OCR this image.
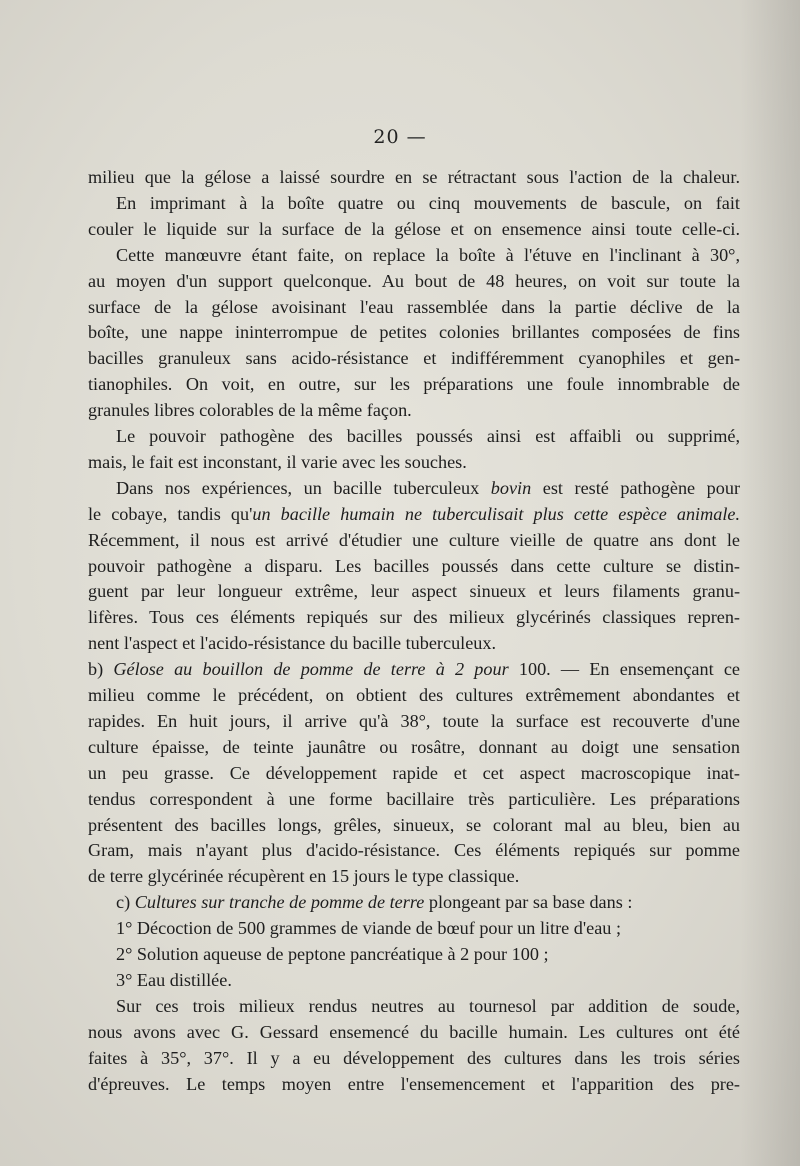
20 —
milieu que la gélose a laissé sourdre en se rétractant sous l'action de la chaleur.
En imprimant à la boîte quatre ou cinq mouvements de bascule, on fait
couler le liquide sur la surface de la gélose et on ensemence ainsi toute celle-ci.
Cette manœuvre étant faite, on replace la boîte à l'étuve en l'inclinant à 30°,
au moyen d'un support quelconque. Au bout de 48 heures, on voit sur toute la
surface de la gélose avoisinant l'eau rassemblée dans la partie déclive de la
boîte, une nappe ininterrompue de petites colonies brillantes composées de fins
bacilles granuleux sans acido-résistance et indifféremment cyanophiles et gen-
tianophiles. On voit, en outre, sur les préparations une foule innombrable de
granules libres colorables de la même façon.
Le pouvoir pathogène des bacilles poussés ainsi est affaibli ou supprimé,
mais, le fait est inconstant, il varie avec les souches.
Dans nos expériences, un bacille tuberculeux bovin est resté pathogène pour
le cobaye, tandis qu'un bacille humain ne tuberculisait plus cette espèce animale.
Récemment, il nous est arrivé d'étudier une culture vieille de quatre ans dont le
pouvoir pathogène a disparu. Les bacilles poussés dans cette culture se distin-
guent par leur longueur extrême, leur aspect sinueux et leurs filaments granu-
lifères. Tous ces éléments repiqués sur des milieux glycérinés classiques repren-
nent l'aspect et l'acido-résistance du bacille tuberculeux.
b) Gélose au bouillon de pomme de terre à 2 pour 100. — En ensemençant ce
milieu comme le précédent, on obtient des cultures extrêmement abondantes et
rapides. En huit jours, il arrive qu'à 38°, toute la surface est recouverte d'une
culture épaisse, de teinte jaunâtre ou rosâtre, donnant au doigt une sensation
un peu grasse. Ce développement rapide et cet aspect macroscopique inat-
tendus correspondent à une forme bacillaire très particulière. Les préparations
présentent des bacilles longs, grêles, sinueux, se colorant mal au bleu, bien au
Gram, mais n'ayant plus d'acido-résistance. Ces éléments repiqués sur pomme
de terre glycérinée récupèrent en 15 jours le type classique.
c) Cultures sur tranche de pomme de terre plongeant par sa base dans :
1° Décoction de 500 grammes de viande de bœuf pour un litre d'eau ;
2° Solution aqueuse de peptone pancréatique à 2 pour 100 ;
3° Eau distillée.
Sur ces trois milieux rendus neutres au tournesol par addition de soude,
nous avons avec G. Gessard ensemencé du bacille humain. Les cultures ont été
faites à 35°, 37°. Il y a eu développement des cultures dans les trois séries
d'épreuves. Le temps moyen entre l'ensemencement et l'apparition des pre-
